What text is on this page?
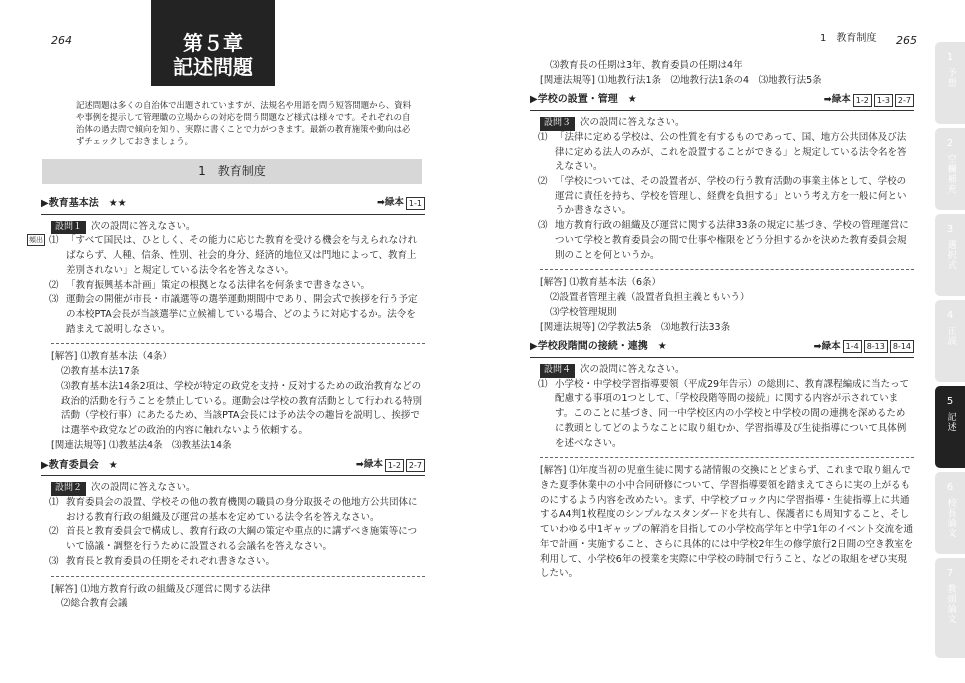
264	第５章
記述問題
記述問題は多くの自治体で出題されていますが、法規名や用語を問う短答問題から、資料や事例を提示して管理職の立場からの対応を問う問題など様式は様々です。それぞれの自治体の過去問で傾向を知り、実際に書くことで力がつきます。最新の教育施策や動向は必ずチェックしておきましょう。
1　教育制度
頻出
▶教育基本法　★★	➡緑本 1-1
設問１ 次の設問に答えなさい。
⑴ 「すべて国民は、ひとしく、その能力に応じた教育を受ける機会を与えられなければならず、人種、信条、性別、社会的身分、経済的地位又は門地によって、教育上差別されない」と規定している法令名を答えなさい。
⑵ 「教育振興基本計画」策定の根拠となる法律名を何条まで書きなさい。
⑶ 運動会の開催が市長・市議選等の選挙運動期間中であり、開会式で挨拶を行う予定の本校PTA会長が当該選挙に立候補している場合、どのように対応するか。法令を踏まえて説明しなさい。
[解答] ⑴教育基本法（4条）
⑵教育基本法17条
⑶教育基本法14条2項は、学校が特定の政党を支持・反対するための政治教育などの政治的活動を行うことを禁止している。運動会は学校の教育活動として行われる特別活動（学校行事）にあたるため、当該PTA会長には予め法令の趣旨を説明し、挨拶では選挙や政党などの政治的内容に触れないよう依頼する。
[関連法規等] ⑴教基法4条　⑶教基法14条
▶教育委員会　★	➡緑本 1-2	2-7
設問２ 次の設問に答えなさい。
⑴ 教育委員会の設置、学校その他の教育機関の職員の身分取扱その他地方公共団体における教育行政の組織及び運営の基本を定めている法令名を答えなさい。
⑵ 首長と教育委員会で構成し、教育行政の大綱の策定や重点的に講ずべき施策等について協議・調整を行うために設置される会議名を答えなさい。
⑶ 教育長と教育委員の任期をそれぞれ書きなさい。
[解答] ⑴地方教育行政の組織及び運営に関する法律
⑵総合教育会議
1　教育制度 265
⑶教育長の任期は3年、教育委員の任期は4年
[関連法規等] ⑴地教行法1条　⑵地教行法1条の4　⑶地教行法5条
▶学校の設置・管理　★	➡緑本 1-2	1-3	2-7
設問３ 次の設問に答えなさい。
⑴ 「法律に定める学校は、公の性質を有するものであって、国、地方公共団体及び法律に定める法人のみが、これを設置することができる」と規定している法令名を答えなさい。
⑵ 「学校については、その設置者が、学校の行う教育活動の事業主体として、学校の運営に責任を持ち、学校を管理し、経費を負担する」という考え方を一般に何というか書きなさい。
⑶ 地方教育行政の組織及び運営に関する法律33条の規定に基づき、学校の管理運営について学校と教育委員会の間で仕事や権限をどう分担するかを決めた教育委員会規則のことを何というか。
[解答] ⑴教育基本法（6条）
⑵設置者管理主義（設置者負担主義ともいう）
⑶学校管理規則
[関連法規等] ⑵学教法5条　⑶地教行法33条
▶学校段階間の接続・連携　★	➡緑本 1-4	8-13	8-14
設問４ 次の設問に答えなさい。
⑴ 小学校・中学校学習指導要領（平成29年告示）の総則に、教育課程編成に当たって配慮する事項の1つとして、「学校段階等間の接続」に関する内容が示されています。このことに基づき、同一中学校区内の小学校と中学校の間の連携を深めるために教頭としてどのようなことに取り組むか、学習指導及び生徒指導について具体例を述べなさい。
[解答] ⑴年度当初の児童生徒に関する諸情報の交換にとどまらず、これまで取り組んできた夏季休業中の小中合同研修について、学習指導要領を踏まえてさらに実の上がるものにするよう内容を改めたい。まず、中学校ブロック内に学習指導・生徒指導上に共通するA4判1枚程度のシンプルなスタンダードを共有し、保護者にも周知すること、そしていわゆる中1ギャップの解消を目指しての小学校高学年と中学1年のイベント交流を通年で計画・実施すること、さらに具体的には中学校2年生の修学旅行2日間の空き教室を利用して、小学校6年の授業を実際に中学校の時制で行うこと、などの取組をぜひ実現したい。
1
予想
2
空欄補充
3
選択式
4
正誤
5
記述
6
校長論文
7
教頭論文
